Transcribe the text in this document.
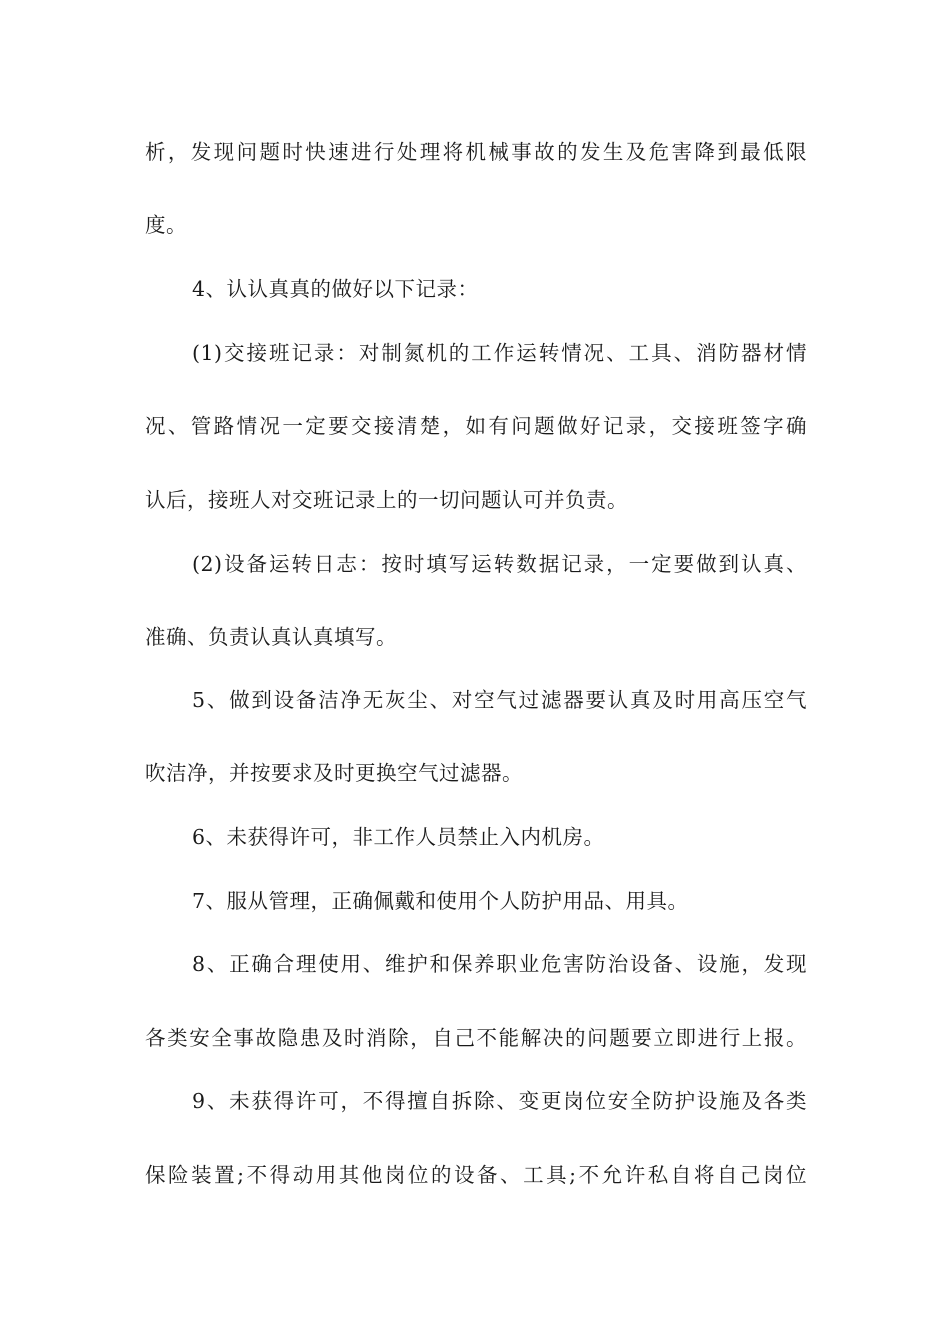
析，发现问题时快速进行处理将机械事故的发生及危害降到最低限
度。
4、认认真真的做好以下记录：
(1)交接班记录：对制氮机的工作运转情况、工具、消防器材情
况、管路情况一定要交接清楚，如有问题做好记录，交接班签字确
认后，接班人对交班记录上的一切问题认可并负责。
(2)设备运转日志：按时填写运转数据记录，一定要做到认真、
准确、负责认真认真填写。
5、做到设备洁净无灰尘、对空气过滤器要认真及时用高压空气
吹洁净，并按要求及时更换空气过滤器。
6、未获得许可，非工作人员禁止入内机房。
7、服从管理，正确佩戴和使用个人防护用品、用具。
8、正确合理使用、维护和保养职业危害防治设备、设施，发现
各类安全事故隐患及时消除，自己不能解决的问题要立即进行上报。
9、未获得许可，不得擅自拆除、变更岗位安全防护设施及各类
保险装置;不得动用其他岗位的设备、工具;不允许私自将自己岗位
